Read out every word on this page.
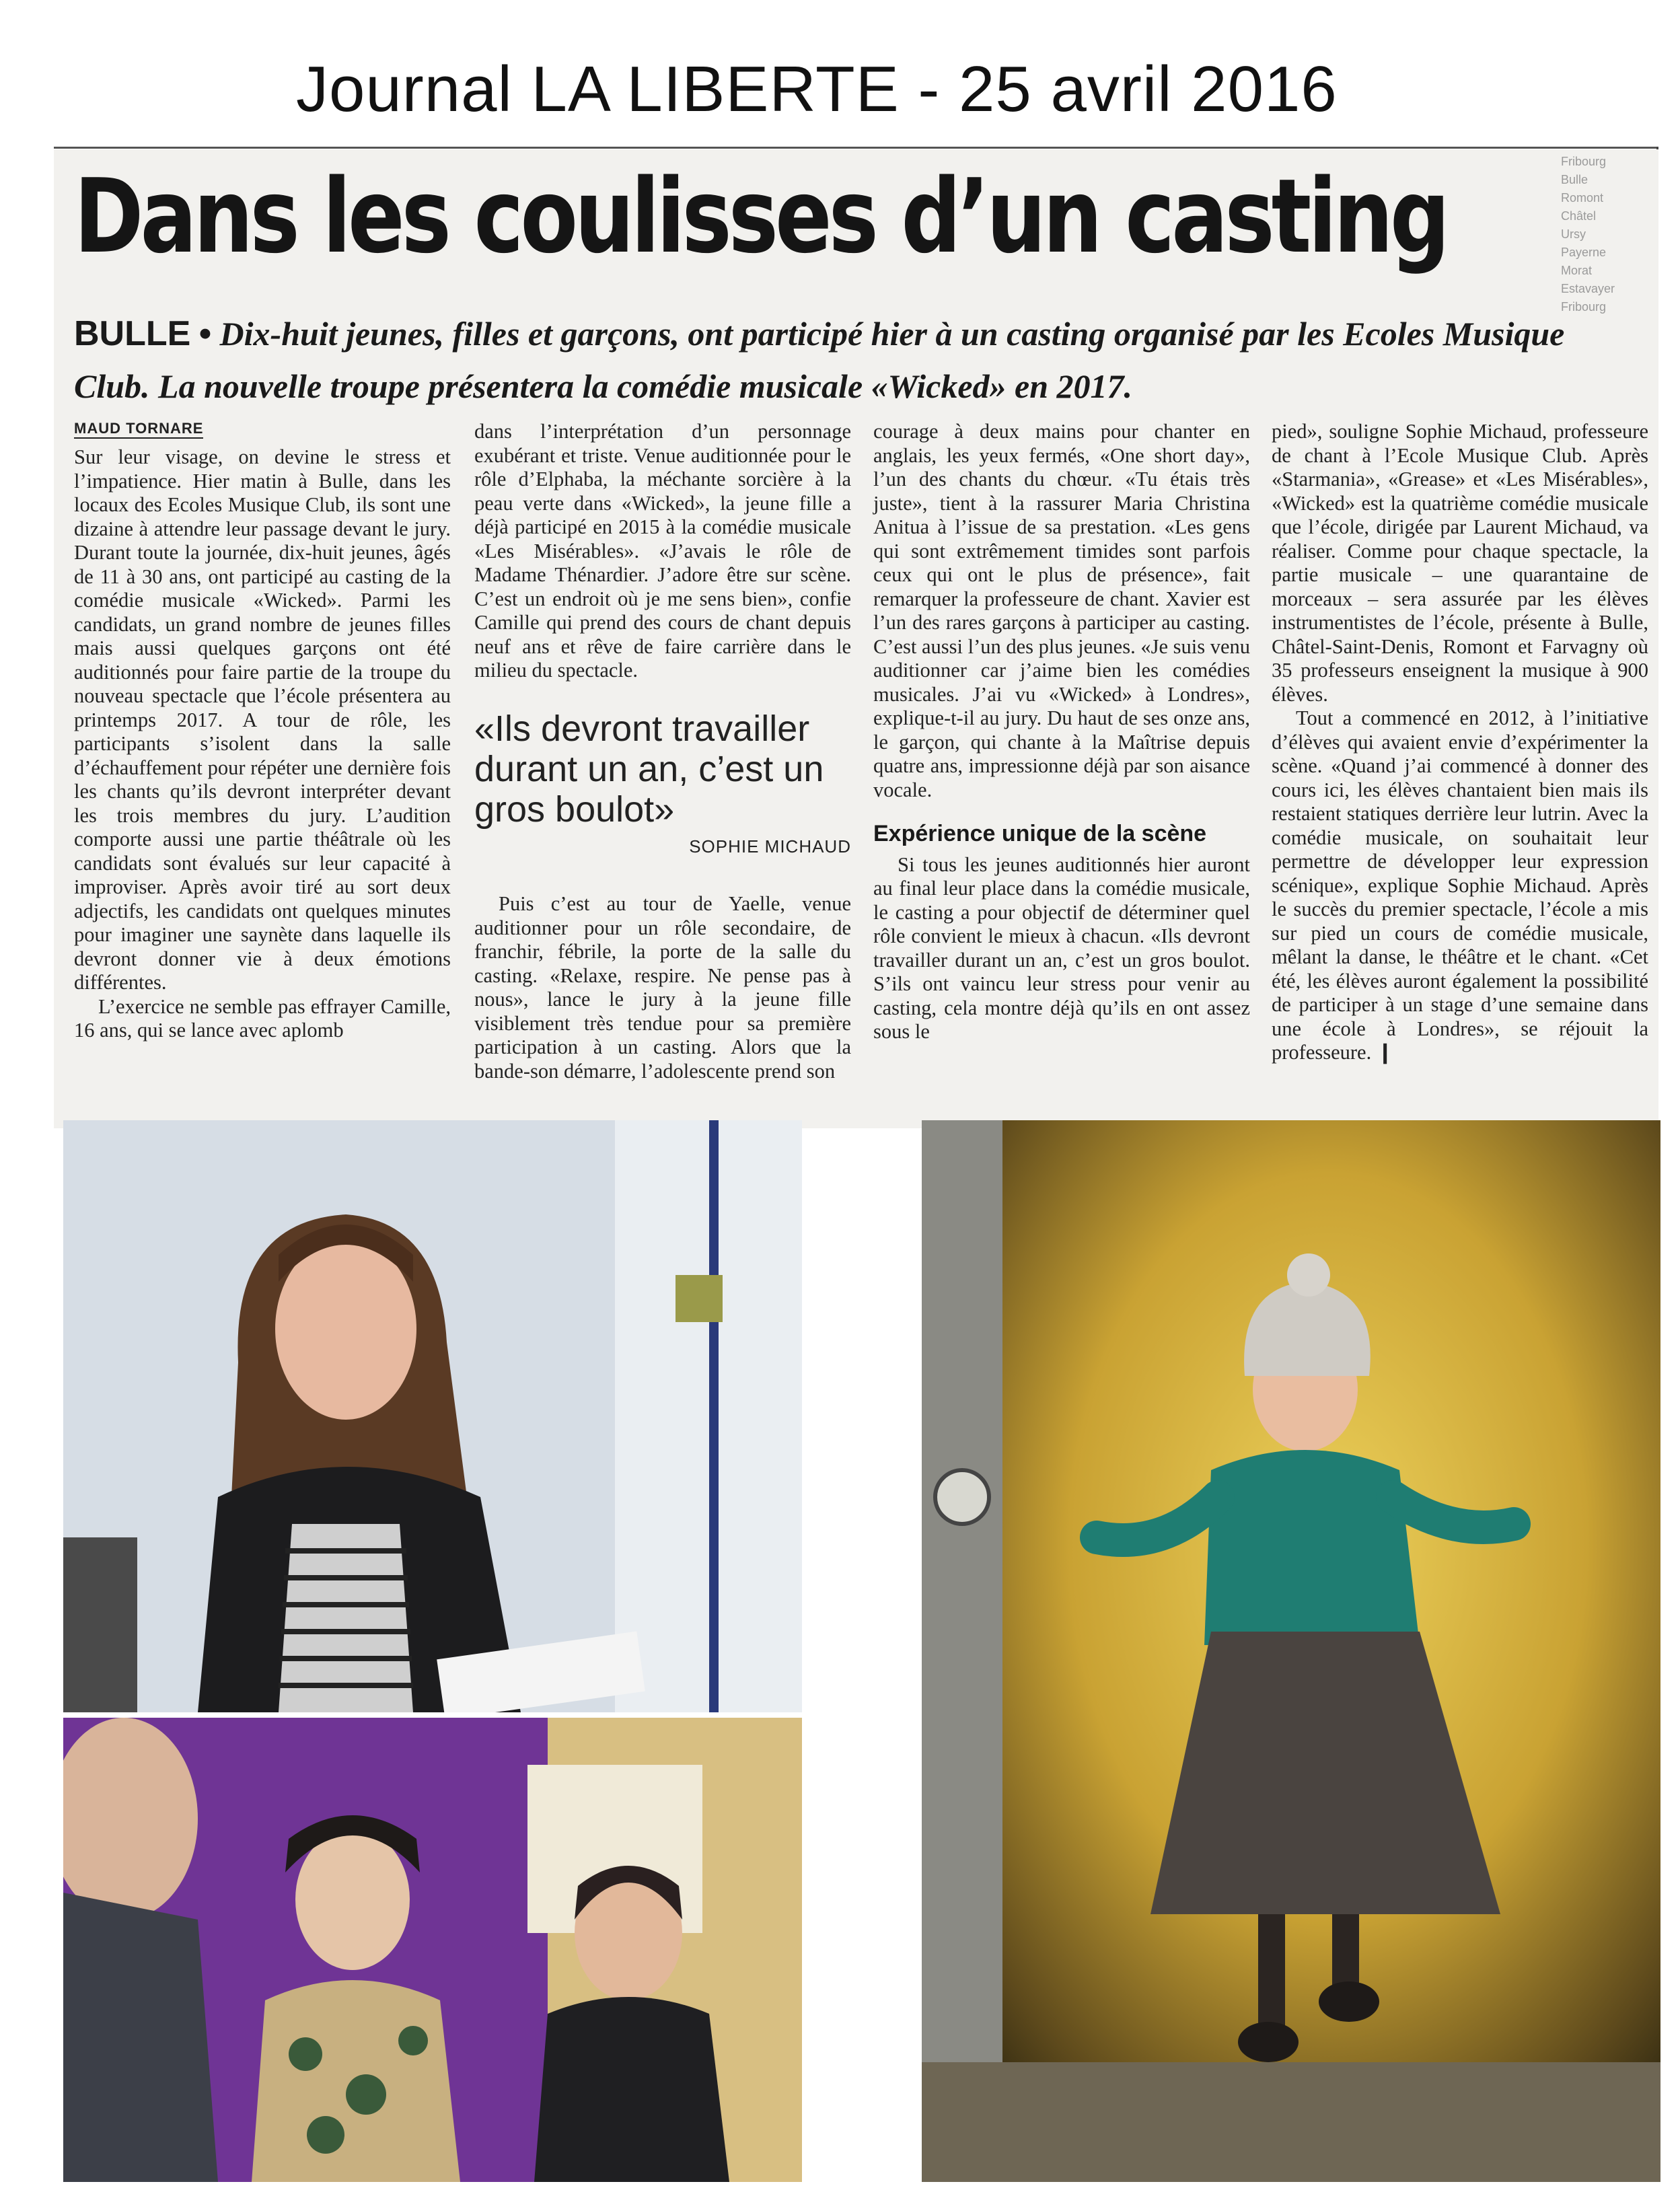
Journal LA LIBERTE - 25 avril 2016
Fribourg
Bulle
Romont
Châtel
Ursy
Payerne
Morat
Estavayer
Fribourg
Dans les coulisses d’un casting
BULLE • Dix-huit jeunes, filles et garçons, ont participé hier à un casting organisé par les Ecoles Musique Club. La nouvelle troupe présentera la comédie musicale «Wicked» en 2017.
MAUD TORNARE

Sur leur visage, on devine le stress et l’impatience. Hier matin à Bulle, dans les locaux des Ecoles Musique Club, ils sont une dizaine à attendre leur passage devant le jury. Durant toute la journée, dix-huit jeunes, âgés de 11 à 30 ans, ont participé au casting de la comédie musicale «Wicked». Parmi les candidats, un grand nombre de jeunes filles mais aussi quelques garçons ont été auditionnés pour faire partie de la troupe du nouveau spectacle que l’école présentera au printemps 2017. A tour de rôle, les participants s’isolent dans la salle d’échauffement pour répéter une dernière fois les chants qu’ils devront interpréter devant les trois membres du jury. L’audition comporte aussi une partie théâtrale où les candidats sont évalués sur leur capacité à improviser. Après avoir tiré au sort deux adjectifs, les candidats ont quelques minutes pour imaginer une saynète dans laquelle ils devront donner vie à deux émotions différentes.

L’exercice ne semble pas effrayer Camille, 16 ans, qui se lance avec aplomb

dans l’interprétation d’un personnage exubérant et triste. Venue auditionnée pour le rôle d’Elphaba, la méchante sorcière à la peau verte dans «Wicked», la jeune fille a déjà participé en 2015 à la comédie musicale «Les Misérables». «J’avais le rôle de Madame Thénardier. J’adore être sur scène. C’est un endroit où je me sens bien», confie Camille qui prend des cours de chant depuis neuf ans et rêve de faire carrière dans le milieu du spectacle.

«Ils devront travailler durant un an, c’est un gros boulot»
SOPHIE MICHAUD

Puis c’est au tour de Yaelle, venue auditionner pour un rôle secondaire, de franchir, fébrile, la porte de la salle du casting. «Relaxe, respire. Ne pense pas à nous», lance le jury à la jeune fille visiblement très tendue pour sa première participation à un casting. Alors que la bande-son démarre, l’adolescente prend son

courage à deux mains pour chanter en anglais, les yeux fermés, «One short day», l’un des chants du chœur. «Tu étais très juste», tient à la rassurer Maria Christina Anitua à l’issue de sa prestation. «Les gens qui sont extrêmement timides sont parfois ceux qui ont le plus de présence», fait remarquer la professeure de chant. Xavier est l’un des rares garçons à participer au casting. C’est aussi l’un des plus jeunes. «Je suis venu auditionner car j’aime bien les comédies musicales. J’ai vu «Wicked» à Londres», explique-t-il au jury. Du haut de ses onze ans, le garçon, qui chante à la Maîtrise depuis quatre ans, impressionne déjà par son aisance vocale.

Expérience unique de la scène

Si tous les jeunes auditionnés hier auront au final leur place dans la comédie musicale, le casting a pour objectif de déterminer quel rôle convient le mieux à chacun. «Ils devront travailler durant un an, c’est un gros boulot. S’ils ont vaincu leur stress pour venir au casting, cela montre déjà qu’ils en ont assez sous le

pied», souligne Sophie Michaud, professeure de chant à l’Ecole Musique Club. Après «Starmania», «Grease» et «Les Misérables», «Wicked» est la quatrième comédie musicale que l’école, dirigée par Laurent Michaud, va réaliser. Comme pour chaque spectacle, la partie musicale – une quarantaine de morceaux – sera assurée par les élèves instrumentistes de l’école, présente à Bulle, Châtel-Saint-Denis, Romont et Farvagny où 35 professeurs enseignent la musique à 900 élèves.

Tout a commencé en 2012, à l’initiative d’élèves qui avaient envie d’expérimenter la scène. «Quand j’ai commencé à donner des cours ici, les élèves chantaient bien mais ils restaient statiques derrière leur lutrin. Avec la comédie musicale, on souhaitait leur permettre de développer leur expression scénique», explique Sophie Michaud. Après le succès du premier spectacle, l’école a mis sur pied un cours de comédie musicale, mêlant la danse, le théâtre et le chant. «Cet été, les élèves auront également la possibilité de participer à un stage d’une semaine dans une école à Londres», se réjouit la professeure. ❙
